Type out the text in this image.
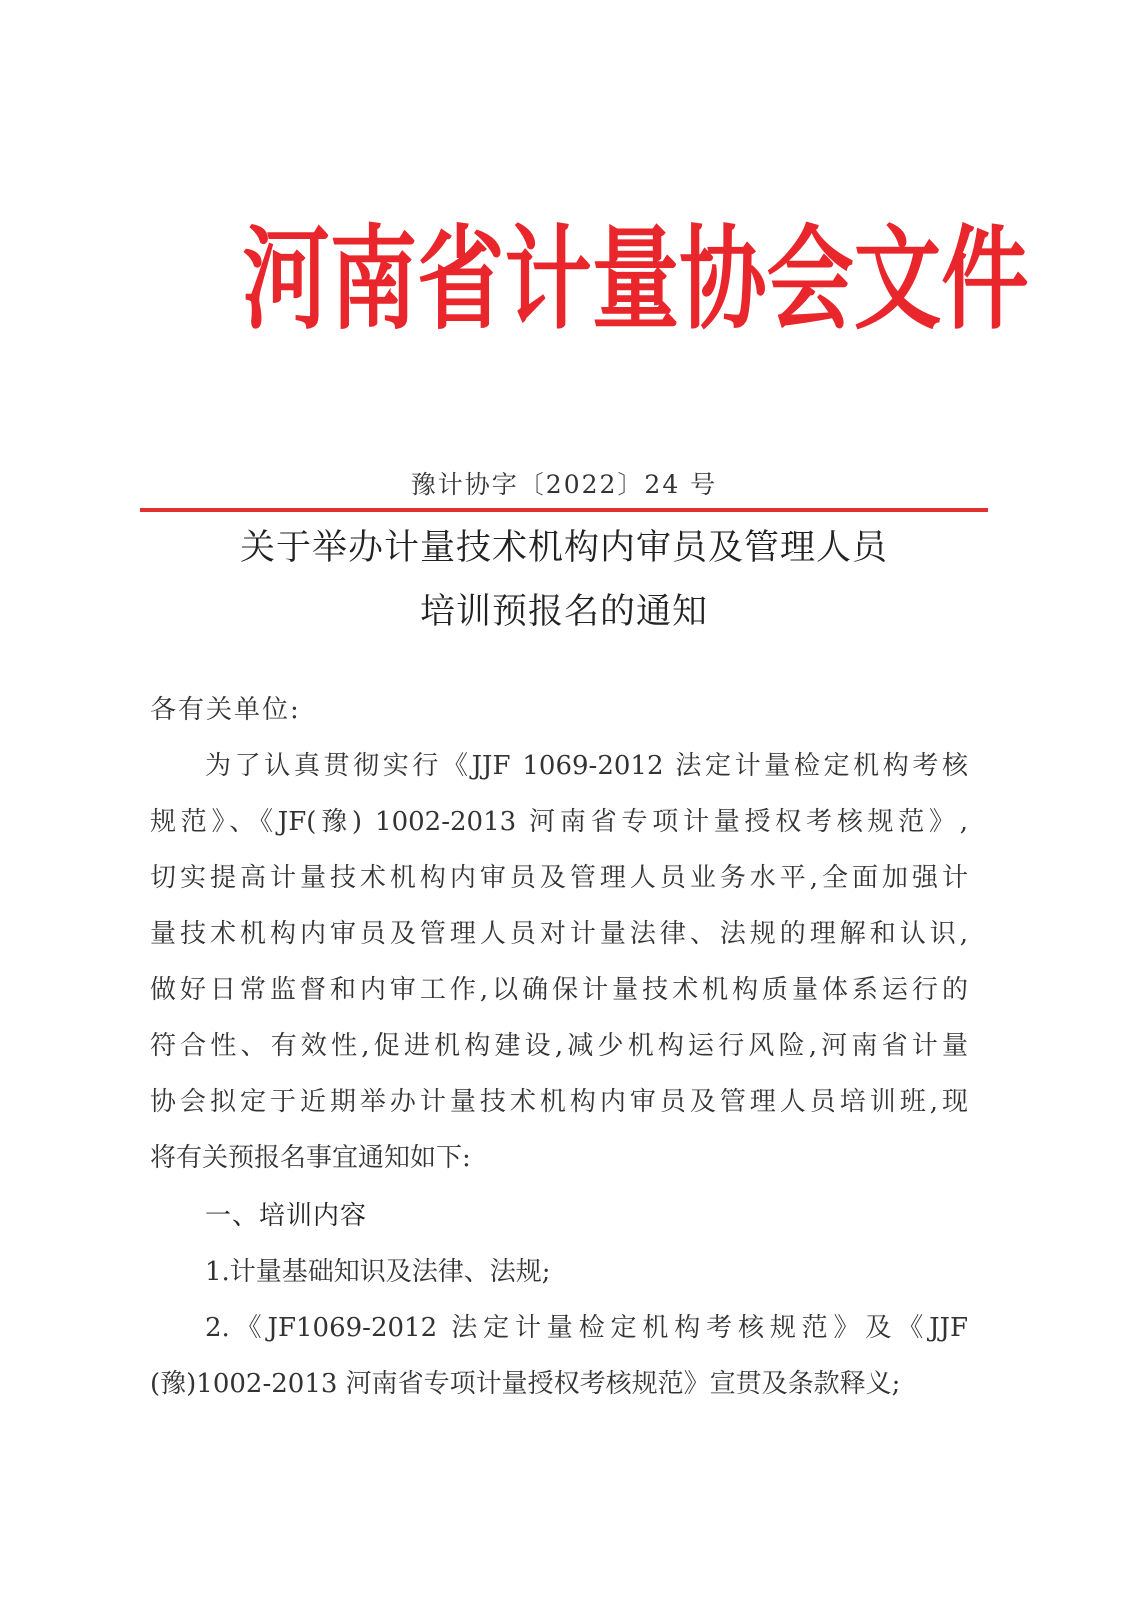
河南省计量协会文件
豫计协字〔2022〕24 号
关于举办计量技术机构内审员及管理人员
培训预报名的通知
各有关单位:
为了认真贯彻实行《JJF 1069-2012 法定计量检定机构考核
规范》、《JF(豫) 1002-2013 河南省专项计量授权考核规范》,
切实提高计量技术机构内审员及管理人员业务水平,全面加强计
量技术机构内审员及管理人员对计量法律、法规的理解和认识,
做好日常监督和内审工作,以确保计量技术机构质量体系运行的
符合性、有效性,促进机构建设,减少机构运行风险,河南省计量
协会拟定于近期举办计量技术机构内审员及管理人员培训班,现
将有关预报名事宜通知如下:
一、培训内容
1.计量基础知识及法律、法规;
2.《JF1069-2012 法定计量检定机构考核规范》及《JJF
(豫)1002-2013 河南省专项计量授权考核规范》宣贯及条款释义;
